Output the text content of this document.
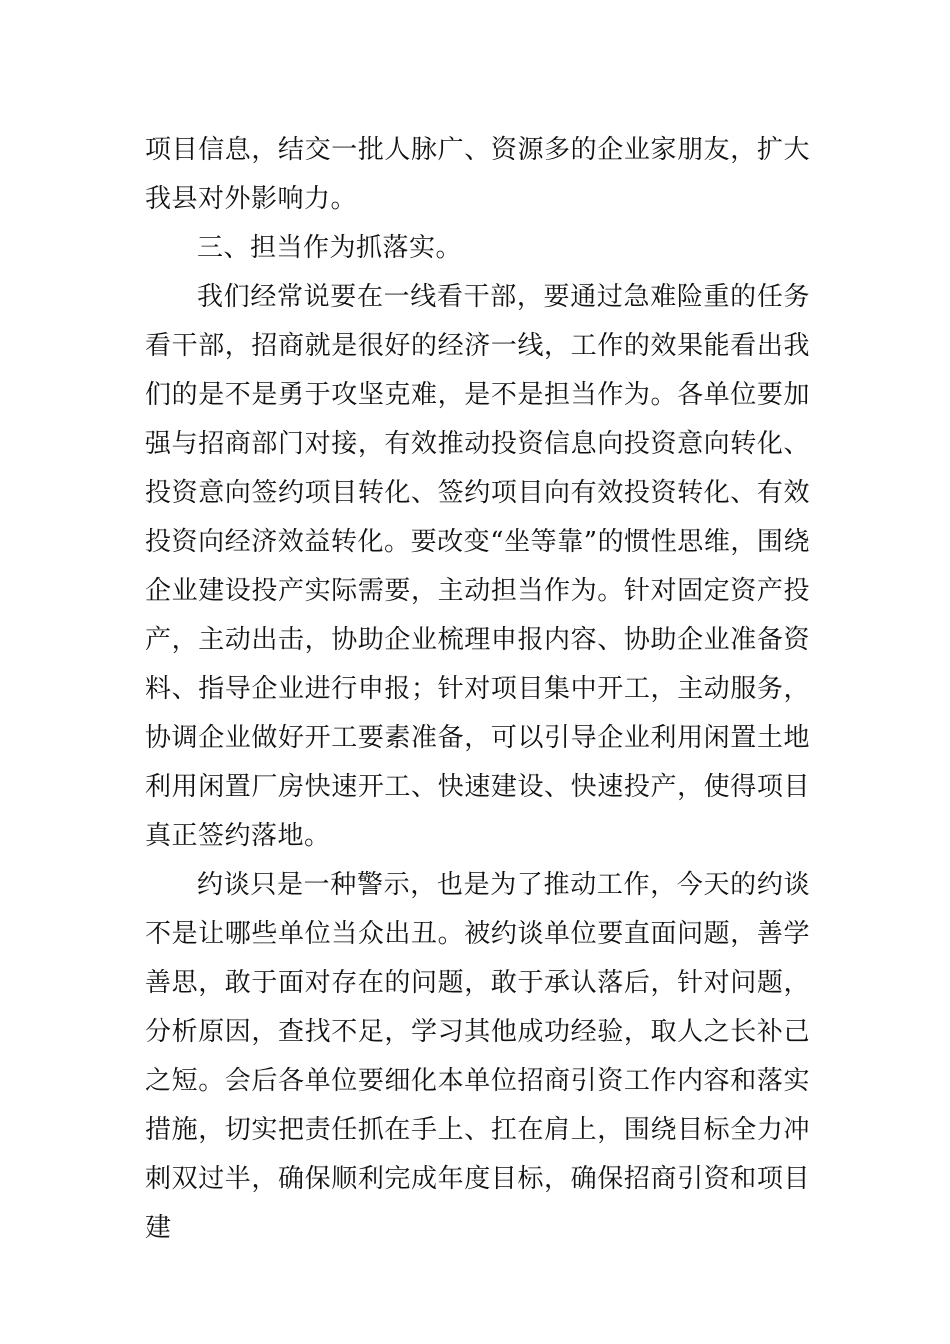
项目信息，结交一批人脉广、资源多的企业家朋友，扩大我县对外影响力。

三、担当作为抓落实。

我们经常说要在一线看干部，要通过急难险重的任务看干部，招商就是很好的经济一线，工作的效果能看出我们的是不是勇于攻坚克难，是不是担当作为。各单位要加强与招商部门对接，有效推动投资信息向投资意向转化、投资意向签约项目转化、签约项目向有效投资转化、有效投资向经济效益转化。要改变“坐等靠”的惯性思维，围绕企业建设投产实际需要，主动担当作为。针对固定资产投产，主动出击，协助企业梳理申报内容、协助企业准备资料、指导企业进行申报；针对项目集中开工，主动服务，协调企业做好开工要素准备，可以引导企业利用闲置土地利用闲置厂房快速开工、快速建设、快速投产，使得项目真正签约落地。

约谈只是一种警示，也是为了推动工作，今天的约谈不是让哪些单位当众出丑。被约谈单位要直面问题，善学善思，敢于面对存在的问题，敢于承认落后，针对问题，分析原因，查找不足，学习其他成功经验，取人之长补己之短。会后各单位要细化本单位招商引资工作内容和落实措施，切实把责任抓在手上、扛在肩上，围绕目标全力冲刺双过半，确保顺利完成年度目标，确保招商引资和项目建
